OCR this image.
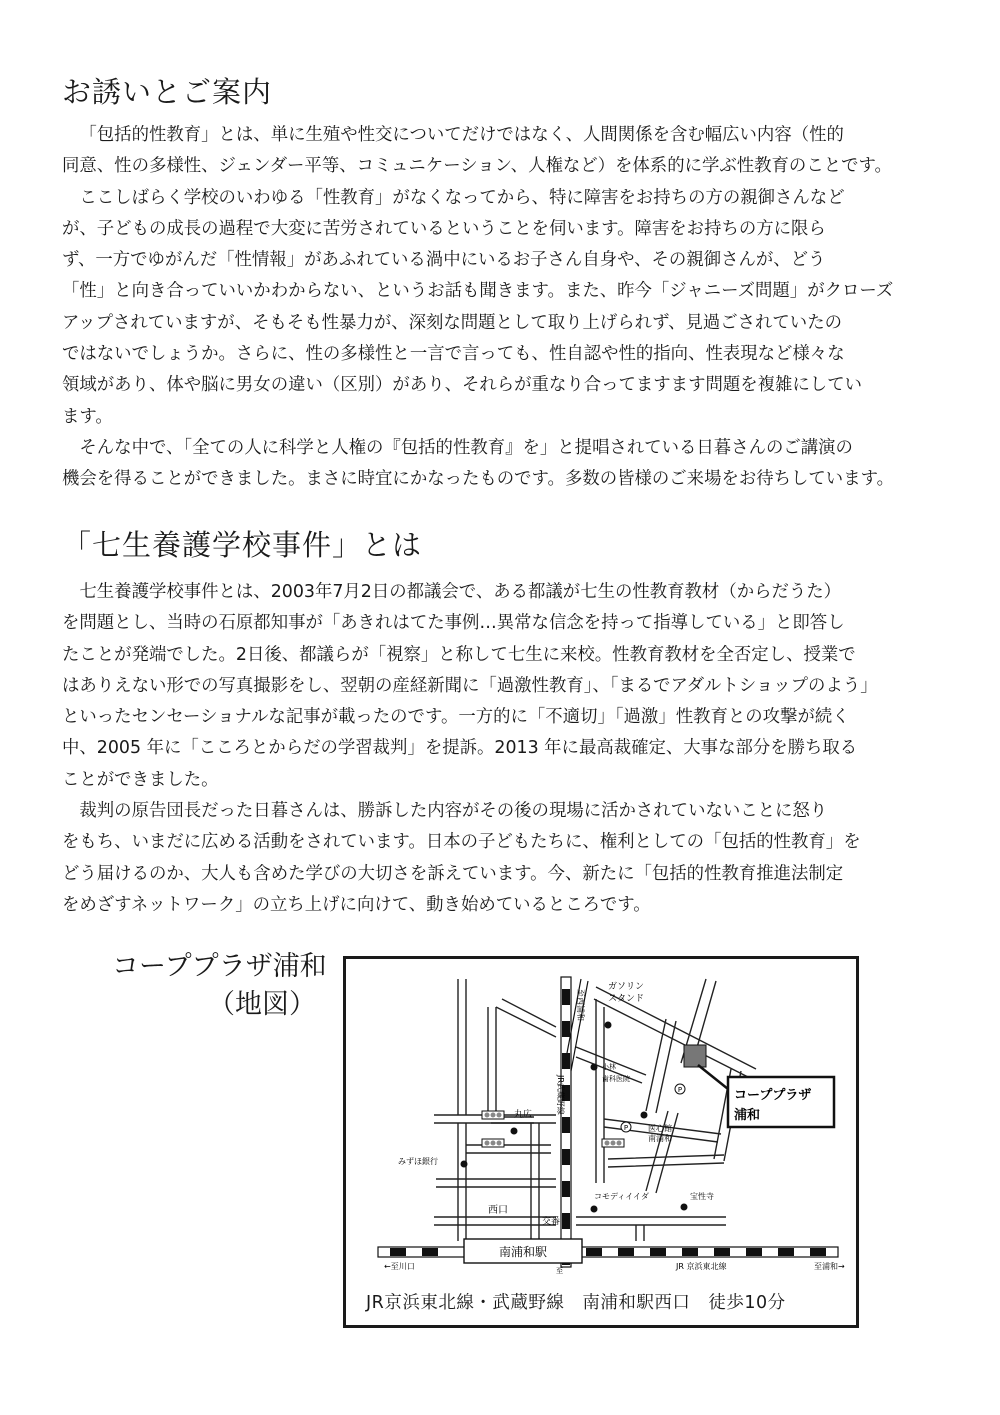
お誘いとご案内

「包括的性教育」とは、単に生殖や性交についてだけではなく、人間関係を含む幅広い内容（性的
同意、性の多様性、ジェンダー平等、コミュニケーション、人権など）を体系的に学ぶ性教育のことです。

ここしばらく学校のいわゆる「性教育」がなくなってから、特に障害をお持ちの方の親御さんなど
が、子どもの成長の過程で大変に苦労されているということを伺います。障害をお持ちの方に限ら
ず、一方でゆがんだ「性情報」があふれている渦中にいるお子さん自身や、その親御さんが、どう
「性」と向き合っていいかわからない、というお話も聞きます。また、昨今「ジャニーズ問題」がクローズ
アップされていますが、そもそも性暴力が、深刻な問題として取り上げられず、見過ごされていたの
ではないでしょうか。さらに、性の多様性と一言で言っても、性自認や性的指向、性表現など様々な
領域があり、体や脳に男女の違い（区別）があり、それらが重なり合ってますます問題を複雑にしてい
ます。

そんな中で、「全ての人に科学と人権の『包括的性教育』を」と提唱されている日暮さんのご講演の
機会を得ることができました。まさに時宜にかなったものです。多数の皆様のご来場をお待ちしています。

「七生養護学校事件」とは

七生養護学校事件とは、2003年7月2日の都議会で、ある都議が七生の性教育教材（からだうた）
を問題とし、当時の石原都知事が「あきれはてた事例…異常な信念を持って指導している」と即答し
たことが発端でした。2日後、都議らが「視察」と称して七生に来校。性教育教材を全否定し、授業で
はありえない形での写真撮影をし、翌朝の産経新聞に「過激性教育」、「まるでアダルトショップのよう」
といったセンセーショナルな記事が載ったのです。一方的に「不適切」「過激」性教育との攻撃が続く
中、2005 年に「こころとからだの学習裁判」を提訴。2013 年に最高裁確定、大事な部分を勝ち取る
ことができました。

裁判の原告団長だった日暮さんは、勝訴した内容がその後の現場に活かされていないことに怒り
をもち、いまだに広める活動をされています。日本の子どもたちに、権利としての「包括的性教育」を
どう届けるのか、大人も含めた学びの大切さを訴えています。今、新たに「包括的性教育推進法制定
をめざすネットワーク」の立ち上げに向けて、動き始めているところです。

コーププラザ浦和
（地図）
南浦和駅
コーププラザ
浦和
ガソリン
スタンド
小林
歯科医院
P
P 医心館
南浦和
丸広
みずほ銀行
コモディイイダ	宝性寺
西口
交番
←至川口	至浦和→
JR 京浜東北線
至
至西浦和
JR武蔵野線
JR京浜東北線・武蔵野線　南浦和駅西口　徒歩10分
